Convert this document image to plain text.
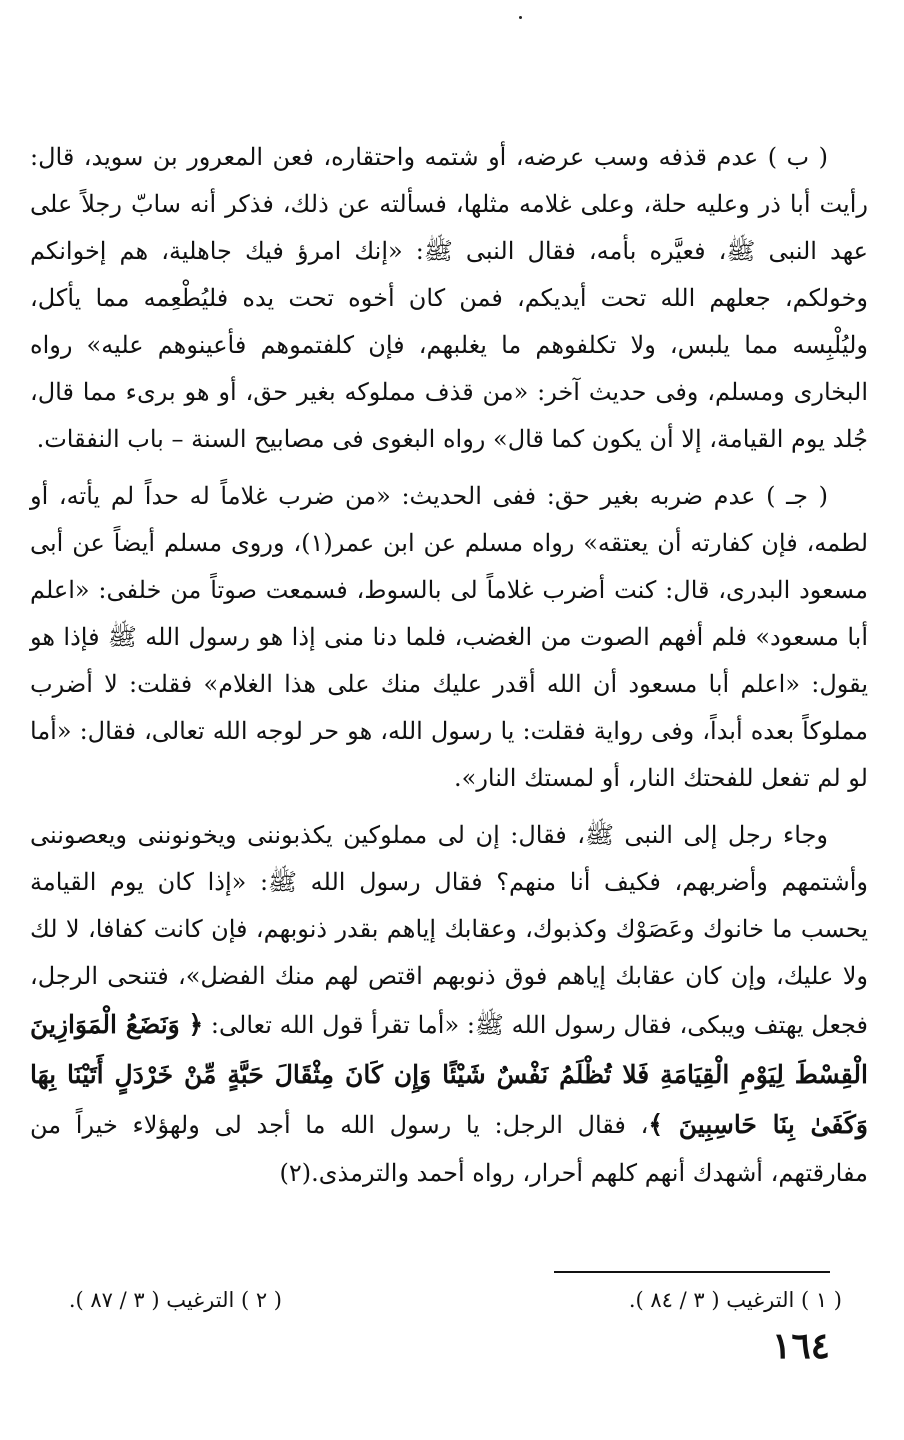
( ب ) عدم قذفه وسب عرضه، أو شتمه واحتقاره، فعن المعرور بن سويد، قال: رأيت أبا ذر وعليه حلة، وعلى غلامه مثلها، فسألته عن ذلك، فذكر أنه سابّ رجلاً على عهد النبى ﷺ، فعيَّره بأمه، فقال النبى ﷺ: «إنك امرؤ فيك جاهلية، هم إخوانكم وخولكم، جعلهم الله تحت أيديكم، فمن كان أخوه تحت يده فليُطْعِمه مما يأكل، وليُلْبِسه مما يلبس، ولا تكلفوهم ما يغلبهم، فإن كلفتموهم فأعينوهم عليه» رواه البخارى ومسلم، وفى حديث آخر: «من قذف مملوكه بغير حق، أو هو برىء مما قال، جُلد يوم القيامة، إلا أن يكون كما قال» رواه البغوى فى مصابيح السنة – باب النفقات.

( جـ ) عدم ضربه بغير حق: ففى الحديث: «من ضرب غلاماً له حداً لم يأته، أو لطمه، فإن كفارته أن يعتقه» رواه مسلم عن ابن عمر(١)، وروى مسلم أيضاً عن أبى مسعود البدرى، قال: كنت أضرب غلاماً لى بالسوط، فسمعت صوتاً من خلفى: «اعلم أبا مسعود» فلم أفهم الصوت من الغضب، فلما دنا منى إذا هو رسول الله ﷺ فإذا هو يقول: «اعلم أبا مسعود أن الله أقدر عليك منك على هذا الغلام» فقلت: لا أضرب مملوكاً بعده أبداً، وفى رواية فقلت: يا رسول الله، هو حر لوجه الله تعالى، فقال: «أما لو لم تفعل للفحتك النار، أو لمستك النار».

وجاء رجل إلى النبى ﷺ، فقال: إن لى مملوكين يكذبوننى ويخونوننى ويعصوننى وأشتمهم وأضربهم، فكيف أنا منهم؟ فقال رسول الله ﷺ: «إذا كان يوم القيامة يحسب ما خانوك وعَصَوْك وكذبوك، وعقابك إياهم بقدر ذنوبهم، فإن كانت كفافا، لا لك ولا عليك، وإن كان عقابك إياهم فوق ذنوبهم اقتص لهم منك الفضل»، فتنحى الرجل، فجعل يهتف ويبكى، فقال رسول الله ﷺ: «أما تقرأ قول الله تعالى: ﴿ وَنَضَعُ الْمَوَازِينَ الْقِسْطَ لِيَوْمِ الْقِيَامَةِ فَلا تُظْلَمُ نَفْسٌ شَيْئًا وَإِن كَانَ مِثْقَالَ حَبَّةٍ مِّنْ خَرْدَلٍ أَتَيْنَا بِهَا وَكَفَىٰ بِنَا حَاسِبِينَ ﴾، فقال الرجل: يا رسول الله ما أجد لى ولهؤلاء خيراً من مفارقتهم، أشهدك أنهم كلهم أحرار، رواه أحمد والترمذى.(٢)

( ١ ) الترغيب ( ٣ / ٨٤ ).
( ٢ ) الترغيب ( ٣ / ٨٧ ).
١٦٤
